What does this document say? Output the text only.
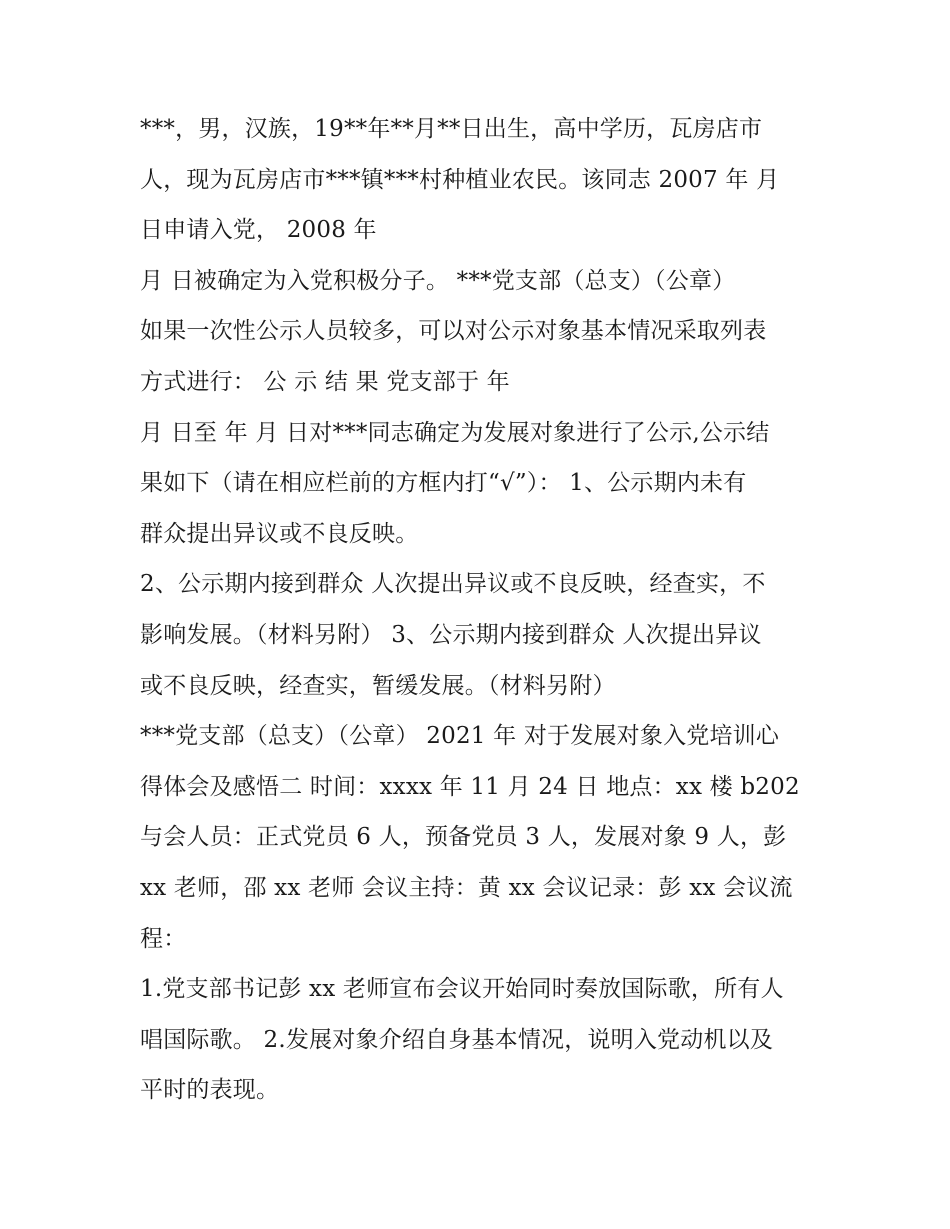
***，男，汉族，19**年**月**日出生，高中学历，瓦房店市
人，现为瓦房店市***镇***村种植业农民。该同志 2007 年 月
日申请入党， 2008 年
月 日被确定为入党积极分子。 ***党支部（总支）（公章）
如果一次性公示人员较多，可以对公示对象基本情况采取列表
方式进行： 公 示 结 果 党支部于 年
月 日至 年 月 日对***同志确定为发展对象进行了公示,公示结
果如下（请在相应栏前的方框内打“√”）： 1、公示期内未有
群众提出异议或不良反映。
2、公示期内接到群众 人次提出异议或不良反映，经查实，不
影响发展。（材料另附） 3、公示期内接到群众 人次提出异议
或不良反映，经查实，暂缓发展。（材料另附）
***党支部（总支）（公章） 2021 年 对于发展对象入党培训心
得体会及感悟二 时间：xxxx 年 11 月 24 日 地点：xx 楼 b202
与会人员：正式党员 6 人，预备党员 3 人，发展对象 9 人，彭
xx 老师，邵 xx 老师 会议主持：黄 xx 会议记录：彭 xx 会议流
程：
1.党支部书记彭 xx 老师宣布会议开始同时奏放国际歌，所有人
唱国际歌。 2.发展对象介绍自身基本情况，说明入党动机以及
平时的表现。
